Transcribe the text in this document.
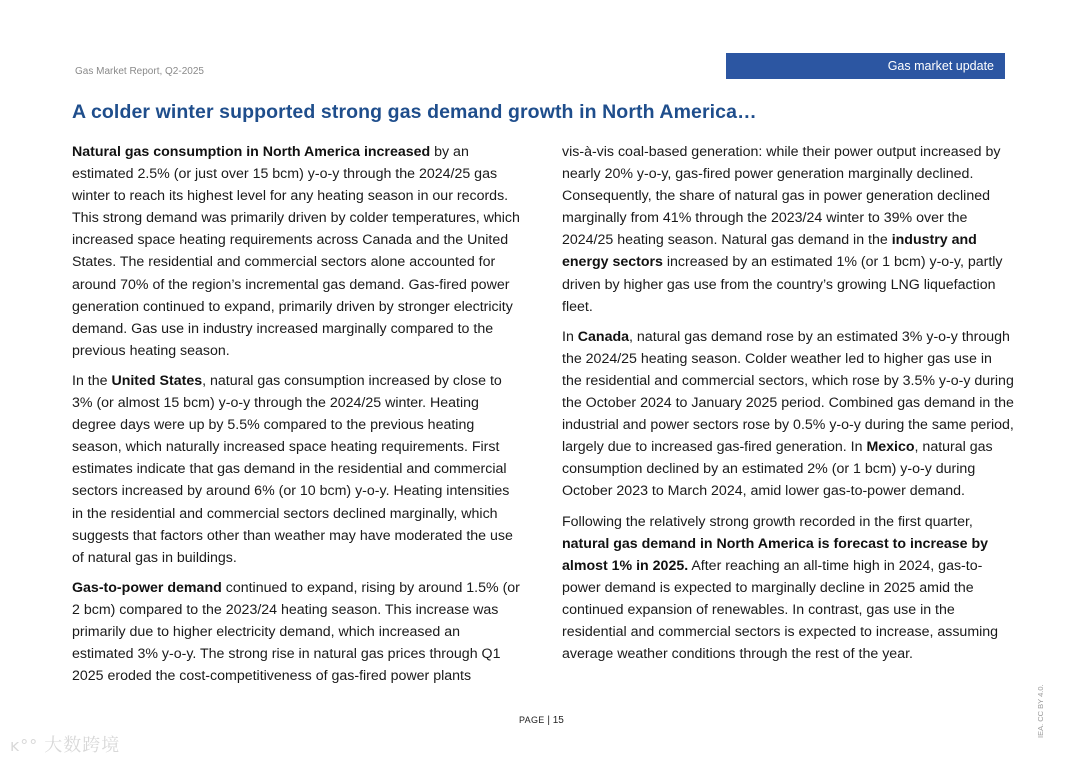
Gas Market Report, Q2-2025	Gas market update
A colder winter supported strong gas demand growth in North America…

Natural gas consumption in North America increased by an estimated 2.5% (or just over 15 bcm) y-o-y through the 2024/25 gas winter to reach its highest level for any heating season in our records. This strong demand was primarily driven by colder temperatures, which increased space heating requirements across Canada and the United States. The residential and commercial sectors alone accounted for around 70% of the region’s incremental gas demand. Gas-fired power generation continued to expand, primarily driven by stronger electricity demand. Gas use in industry increased marginally compared to the previous heating season.

In the United States, natural gas consumption increased by close to 3% (or almost 15 bcm) y-o-y through the 2024/25 winter. Heating degree days were up by 5.5% compared to the previous heating season, which naturally increased space heating requirements. First estimates indicate that gas demand in the residential and commercial sectors increased by around 6% (or 10 bcm) y-o-y. Heating intensities in the residential and commercial sectors declined marginally, which suggests that factors other than weather may have moderated the use of natural gas in buildings.

Gas-to-power demand continued to expand, rising by around 1.5% (or 2 bcm) compared to the 2023/24 heating season. This increase was primarily due to higher electricity demand, which increased an estimated 3% y-o-y. The strong rise in natural gas prices through Q1 2025 eroded the cost-competitiveness of gas-fired power plants

vis-à-vis coal-based generation: while their power output increased by nearly 20% y-o-y, gas-fired power generation marginally declined. Consequently, the share of natural gas in power generation declined marginally from 41% through the 2023/24 winter to 39% over the 2024/25 heating season. Natural gas demand in the industry and energy sectors increased by an estimated 1% (or 1 bcm) y-o-y, partly driven by higher gas use from the country’s growing LNG liquefaction fleet.

In Canada, natural gas demand rose by an estimated 3% y-o-y through the 2024/25 heating season. Colder weather led to higher gas use in the residential and commercial sectors, which rose by 3.5% y-o-y during the October 2024 to January 2025 period. Combined gas demand in the industrial and power sectors rose by 0.5% y-o-y during the same period, largely due to increased gas-fired generation. In Mexico, natural gas consumption declined by an estimated 2% (or 1 bcm) y-o-y during October 2023 to March 2024, amid lower gas-to-power demand.

Following the relatively strong growth recorded in the first quarter, natural gas demand in North America is forecast to increase by almost 1% in 2025. After reaching an all-time high in 2024, gas-to-power demand is expected to marginally decline in 2025 amid the continued expansion of renewables. In contrast, gas use in the residential and commercial sectors is expected to increase, assuming average weather conditions through the rest of the year.

PAGE | 15	IEA. CC BY 4.0.
ᴋ°° 大数跨境
